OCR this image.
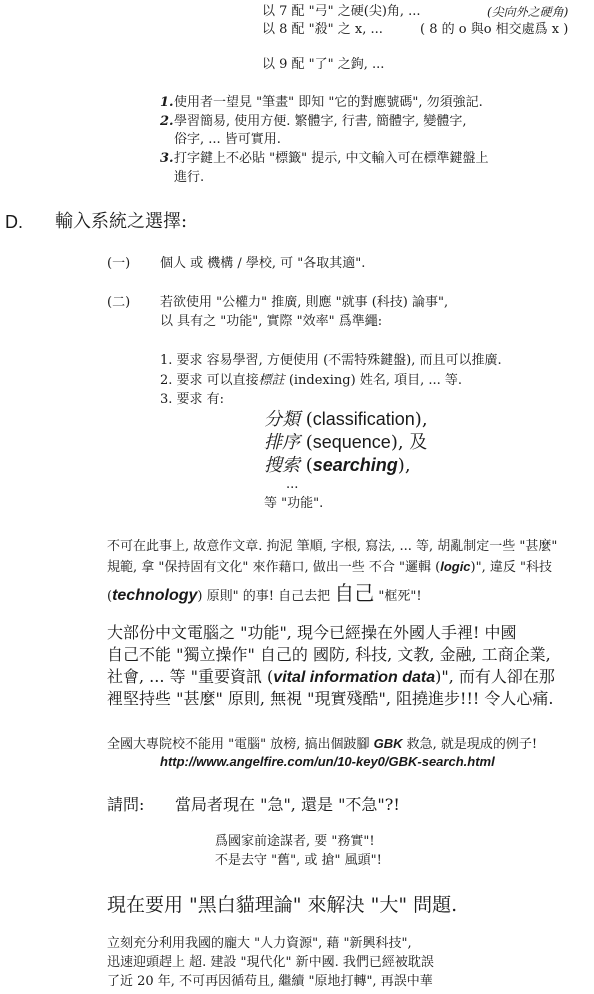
以 7 配 "弓" 之硬(尖)角, ...	(尖向外之硬角)
以 8 配 "殺" 之 x, ...	( 8 的 o 與o 相交處爲 x )
以 9 配 "了" 之鉤, ...
1.使用者一望見 "筆畫" 即知 "它的對應號碼", 勿須強記.
2.學習簡易, 使用方便. 繁體字, 行書, 簡體字, 變體字,
俗字, ... 皆可實用.
3.打字鍵上不必貼 "標籤" 提示, 中文輸入可在標準鍵盤上
進行.
D. 輸入系統之選擇:
(一) 個人 或 機構 / 學校, 可 "各取其適".
(二) 若欲使用 "公權力" 推廣, 則應 "就事 (科技) 論事",
以 具有之 "功能", 實際 "效率" 爲準繩:
1. 要求 容易學習, 方便使用 (不需特殊鍵盤), 而且可以推廣.
2. 要求 可以直接標註 (indexing) 姓名, 項目, ... 等.
3. 要求 有:
分類 (classification),
排序 (sequence), 及
搜索 (searching),
...
等 "功能".
不可在此事上, 故意作文章. 拘泥 筆順, 字根, 寫法, ... 等, 胡亂制定一些 "甚麼"
規範, 拿 "保持固有文化" 來作藉口, 做出一些 不合 "邏輯 (logic)", 違反 "科技
(technology) 原則" 的事! 自己去把 自己 "框死"!
大部份中文電腦之 "功能", 現今已經操在外國人手裡! 中國
自己不能 "獨立操作" 自己的 國防, 科技, 文教, 金融, 工商企業,
社會, ... 等 "重要資訊 (vital information data)", 而有人卻在那
裡堅持些 "甚麼" 原則, 無視 "現實殘酷", 阻撓進步!!! 令人心痛.
全國大專院校不能用 "電腦" 放榜, 搞出個跛腳 GBK 救急, 就是現成的例子!
http://www.angelfire.com/un/10-key0/GBK-search.html
請問: 當局者現在 "急", 還是 "不急"?!
爲國家前途謀者, 要 "務實"!
不是去守 "舊", 或 搶" 風頭"!
現在要用 "黑白貓理論" 來解決 "大" 問題.
立刻充分利用我國的龐大 "人力資源", 藉 "新興科技",
迅速迎頭趕上 超. 建設 "現代化" 新中國. 我們已經被耽誤
了近 20 年, 不可再因循苟且, 繼續 "原地打轉", 再誤中華
